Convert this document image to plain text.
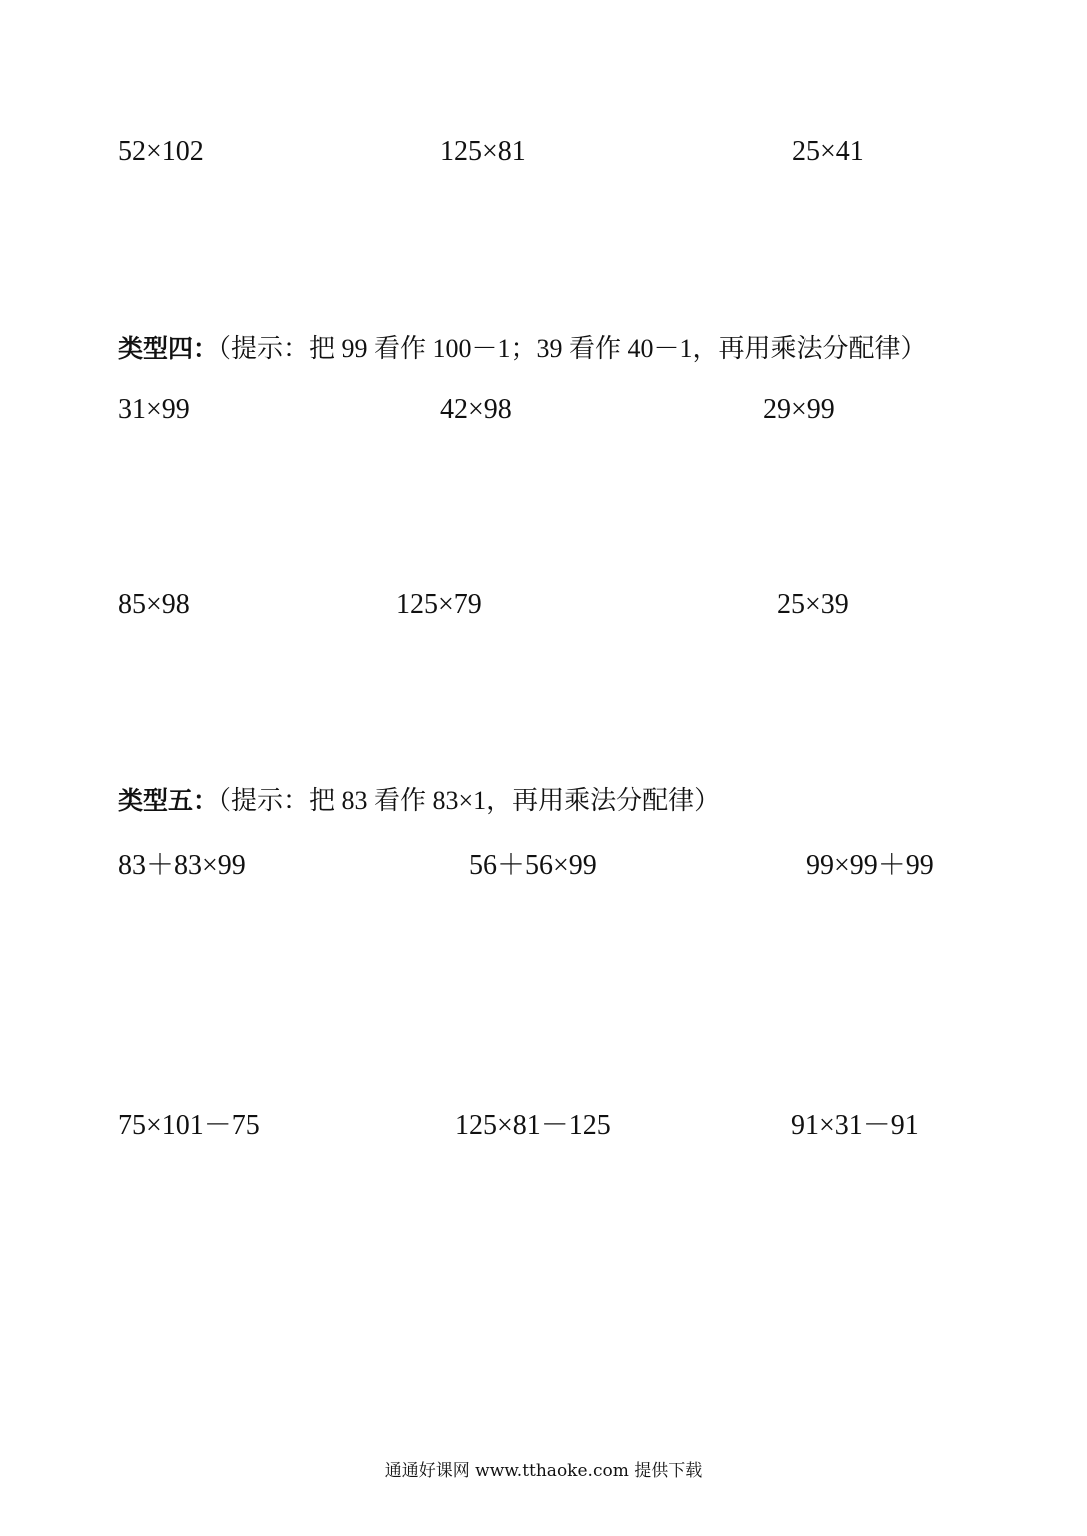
52×102	125×81	25×41
类型四：（提示：把 99 看作 100－1；39 看作 40－1，再用乘法分配律）
31×99	42×98	29×99
85×98	125×79	25×39
类型五：（提示：把 83 看作 83×1，再用乘法分配律）
83＋83×99	56＋56×99	99×99＋99
75×101－75	125×81－125	91×31－91
通通好课网 www.tthaoke.com 提供下载
